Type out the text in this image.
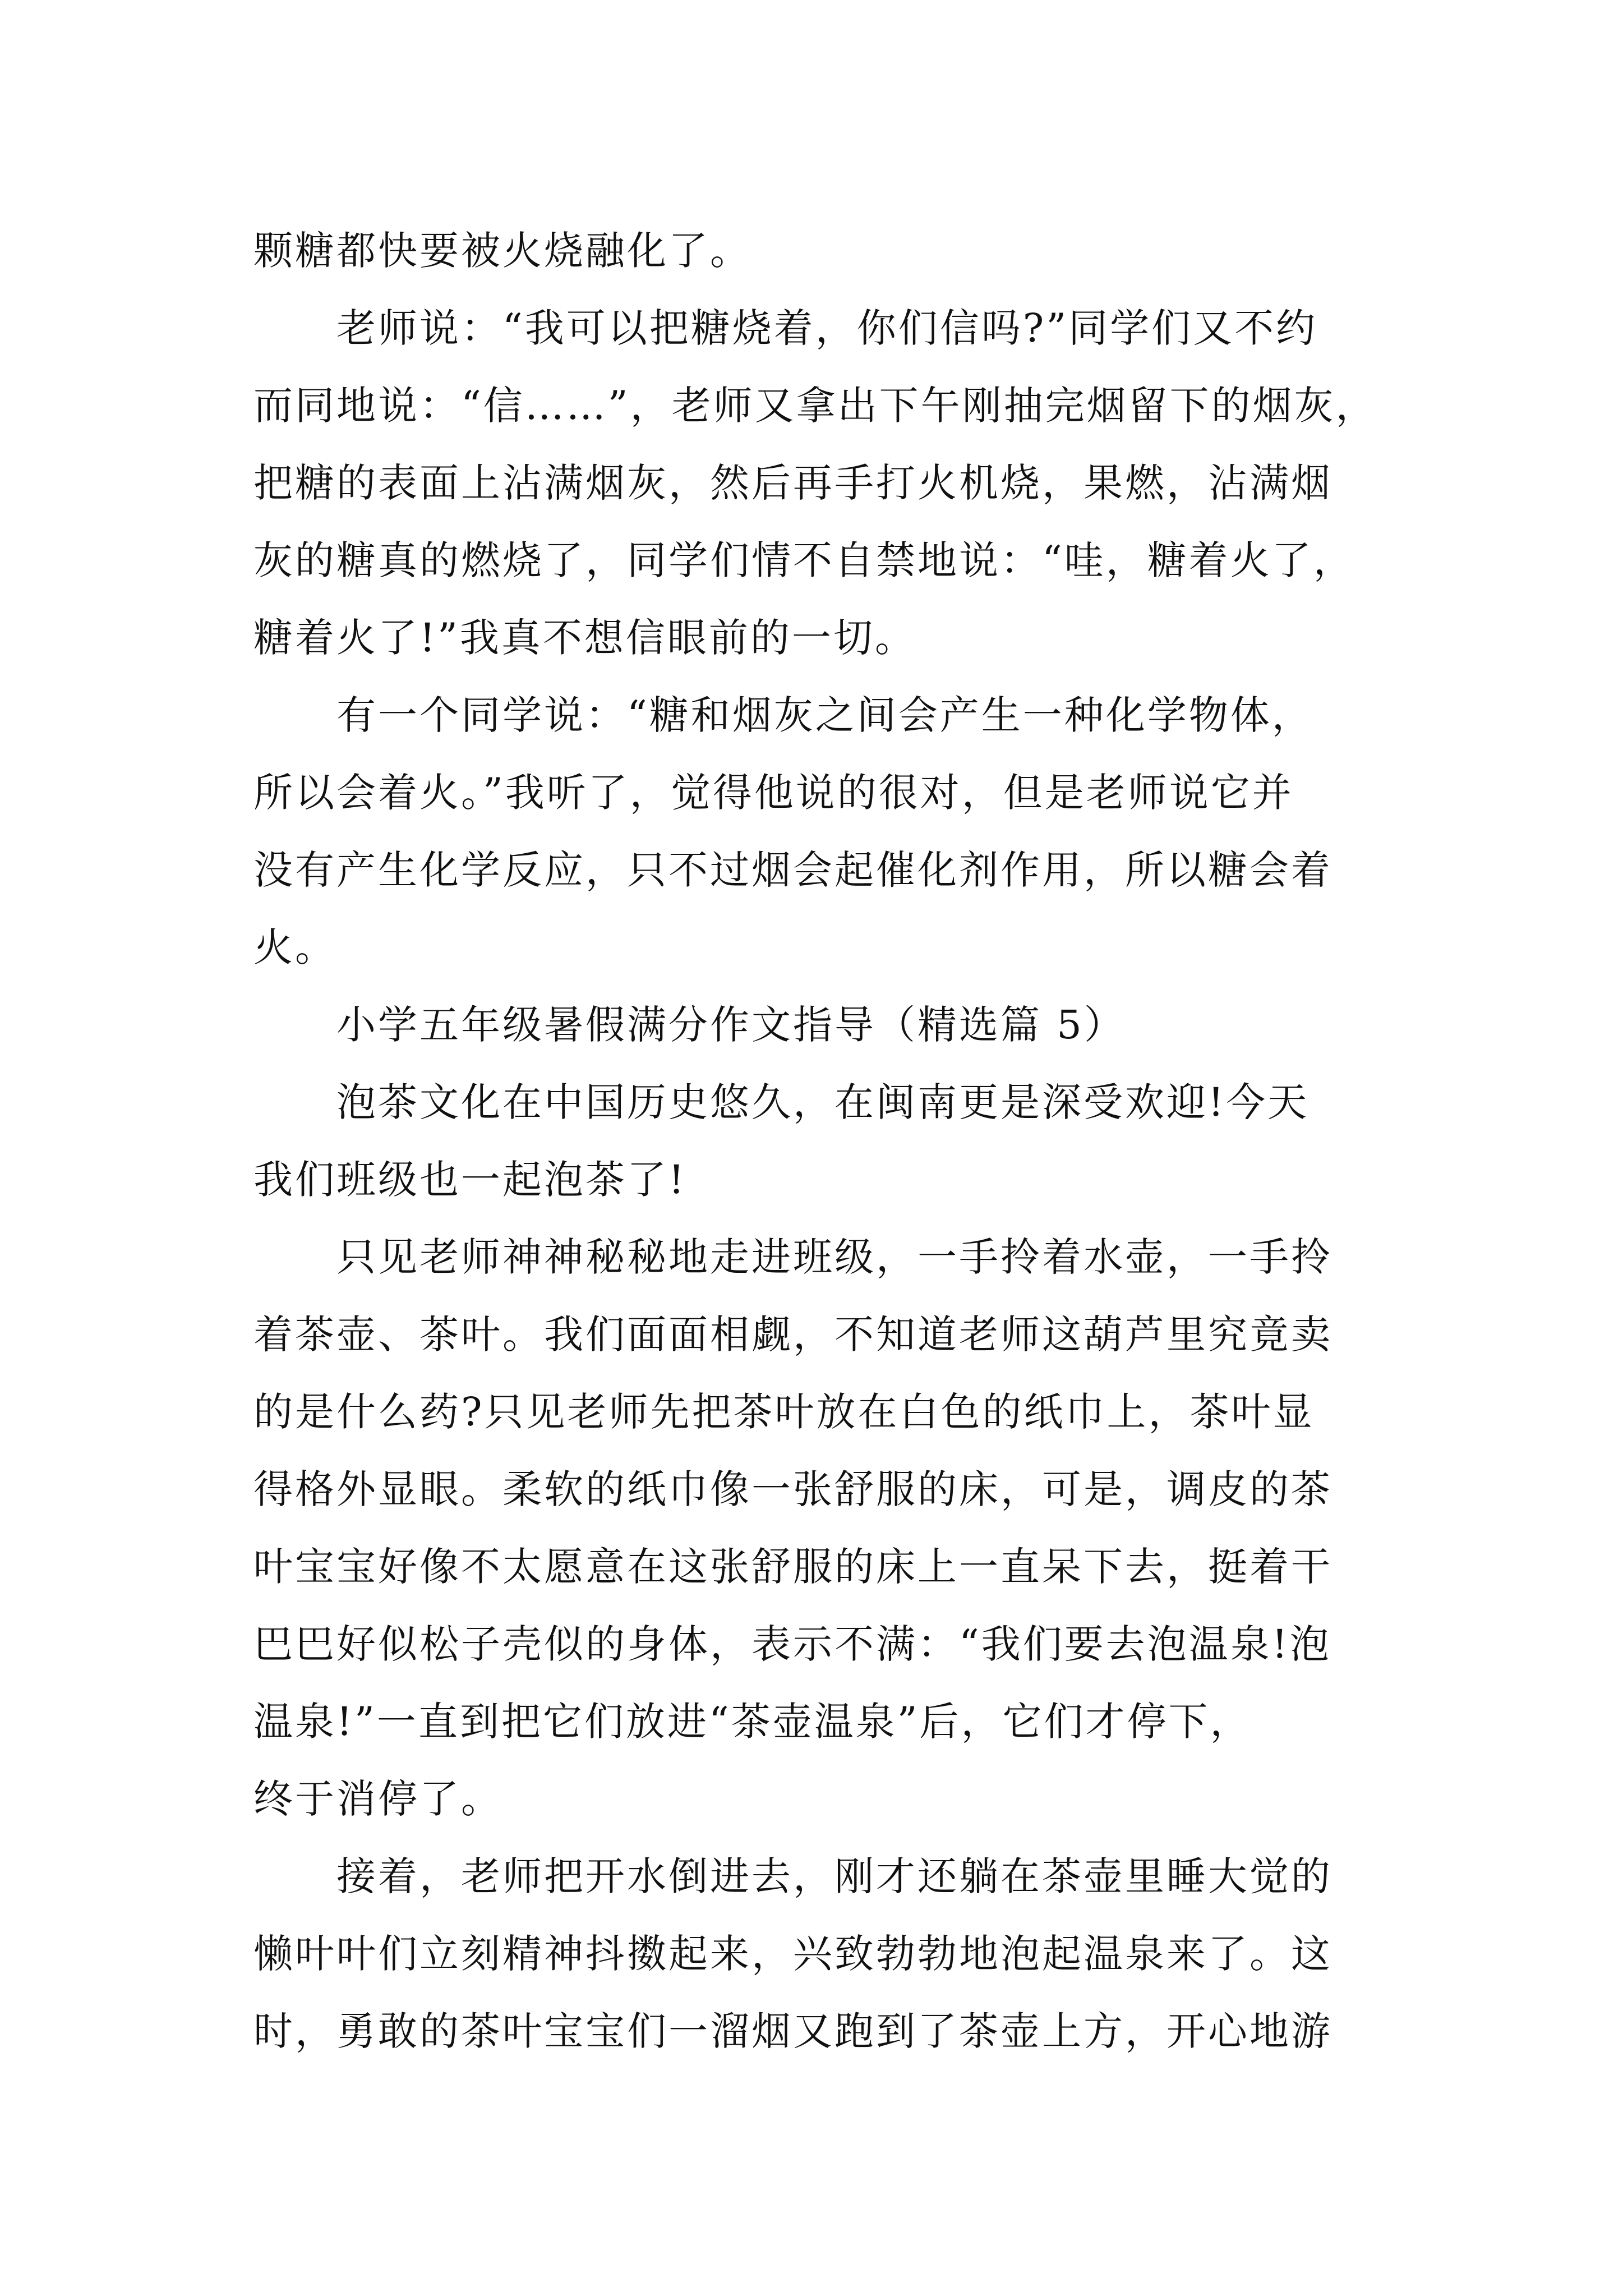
颗糖都快要被火烧融化了。
老师说：“我可以把糖烧着，你们信吗?”同学们又不约
而同地说：“信……”，老师又拿出下午刚抽完烟留下的烟灰，
把糖的表面上沾满烟灰，然后再手打火机烧，果燃，沾满烟
灰的糖真的燃烧了，同学们情不自禁地说：“哇，糖着火了，
糖着火了!”我真不想信眼前的一切。
有一个同学说：“糖和烟灰之间会产生一种化学物体，
所以会着火。”我听了，觉得他说的很对，但是老师说它并
没有产生化学反应，只不过烟会起催化剂作用，所以糖会着
火。
小学五年级暑假满分作文指导（精选篇 5）
泡茶文化在中国历史悠久，在闽南更是深受欢迎!今天
我们班级也一起泡茶了!
只见老师神神秘秘地走进班级，一手拎着水壶，一手拎
着茶壶、茶叶。我们面面相觑，不知道老师这葫芦里究竟卖
的是什么药?只见老师先把茶叶放在白色的纸巾上，茶叶显
得格外显眼。柔软的纸巾像一张舒服的床，可是，调皮的茶
叶宝宝好像不太愿意在这张舒服的床上一直呆下去，挺着干
巴巴好似松子壳似的身体，表示不满：“我们要去泡温泉!泡
温泉!”一直到把它们放进“茶壶温泉”后，它们才停下，
终于消停了。
接着，老师把开水倒进去，刚才还躺在茶壶里睡大觉的
懒叶叶们立刻精神抖擞起来，兴致勃勃地泡起温泉来了。这
时，勇敢的茶叶宝宝们一溜烟又跑到了茶壶上方，开心地游
